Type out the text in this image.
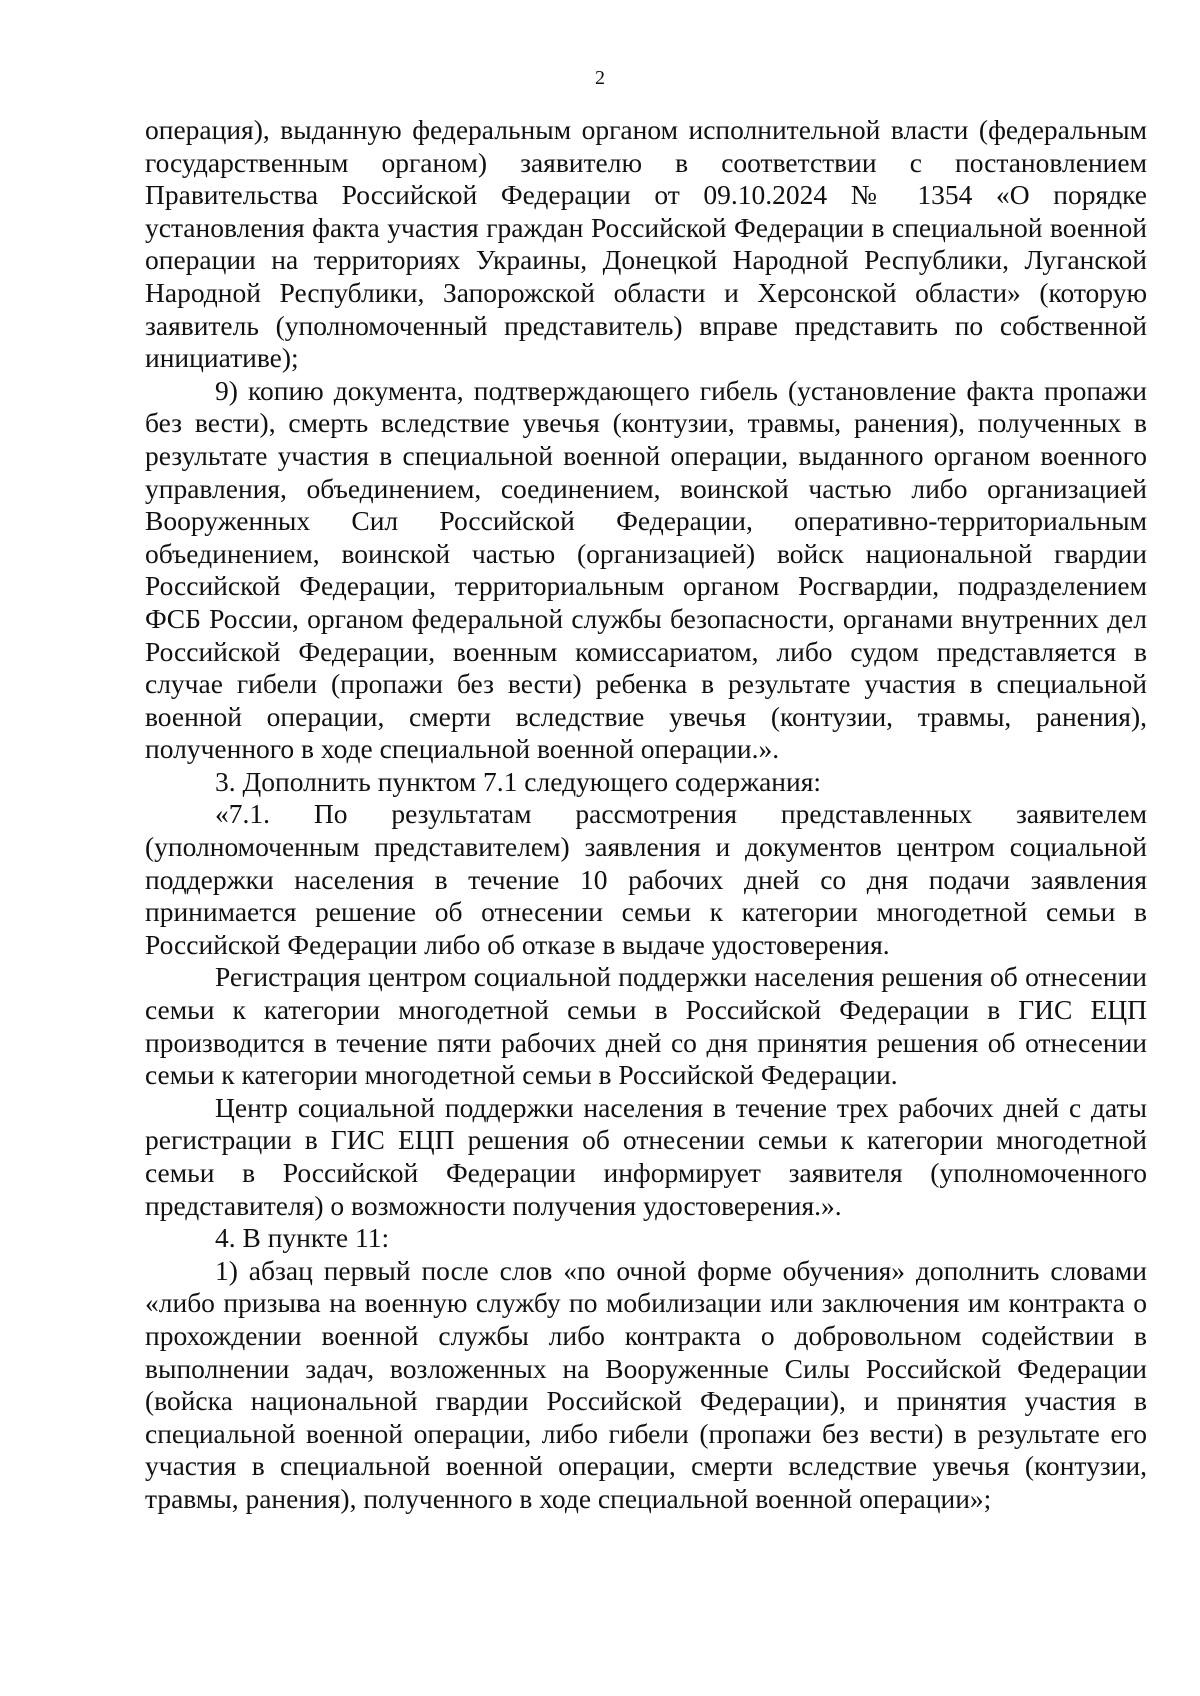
2

операция), выданную федеральным органом исполнительной власти (федеральным государственным органом) заявителю в соответствии с постановлением Правительства Российской Федерации от 09.10.2024 № 1354 «О порядке установления факта участия граждан Российской Федерации в специальной военной операции на территориях Украины, Донецкой Народной Республики, Луганской Народной Республики, Запорожской области и Херсонской области» (которую заявитель (уполномоченный представитель) вправе представить по собственной инициативе);

9) копию документа, подтверждающего гибель (установление факта пропажи без вести), смерть вследствие увечья (контузии, травмы, ранения), полученных в результате участия в специальной военной операции, выданного органом военного управления, объединением, соединением, воинской частью либо организацией Вооруженных Сил Российской Федерации, оперативно-территориальным объединением, воинской частью (организацией) войск национальной гвардии Российской Федерации, территориальным органом Росгвардии, подразделением ФСБ России, органом федеральной службы безопасности, органами внутренних дел Российской Федерации, военным комиссариатом, либо судом представляется в случае гибели (пропажи без вести) ребенка в результате участия в специальной военной операции, смерти вследствие увечья (контузии, травмы, ранения), полученного в ходе специальной военной операции.».

3. Дополнить пунктом 7.1 следующего содержания:

«7.1. По результатам рассмотрения представленных заявителем (уполномоченным представителем) заявления и документов центром социальной поддержки населения в течение 10 рабочих дней со дня подачи заявления принимается решение об отнесении семьи к категории многодетной семьи в Российской Федерации либо об отказе в выдаче удостоверения.

Регистрация центром социальной поддержки населения решения об отнесении семьи к категории многодетной семьи в Российской Федерации в ГИС ЕЦП производится в течение пяти рабочих дней со дня принятия решения об отнесении семьи к категории многодетной семьи в Российской Федерации.

Центр социальной поддержки населения в течение трех рабочих дней с даты регистрации в ГИС ЕЦП решения об отнесении семьи к категории многодетной семьи в Российской Федерации информирует заявителя (уполномоченного представителя) о возможности получения удостоверения.».

4. В пункте 11:

1) абзац первый после слов «по очной форме обучения» дополнить словами «либо призыва на военную службу по мобилизации или заключения им контракта о прохождении военной службы либо контракта о добровольном содействии в выполнении задач, возложенных на Вооруженные Силы Российской Федерации (войска национальной гвардии Российской Федерации), и принятия участия в специальной военной операции, либо гибели (пропажи без вести) в результате его участия в специальной военной операции, смерти вследствие увечья (контузии, травмы, ранения), полученного в ходе специальной военной операции»;
